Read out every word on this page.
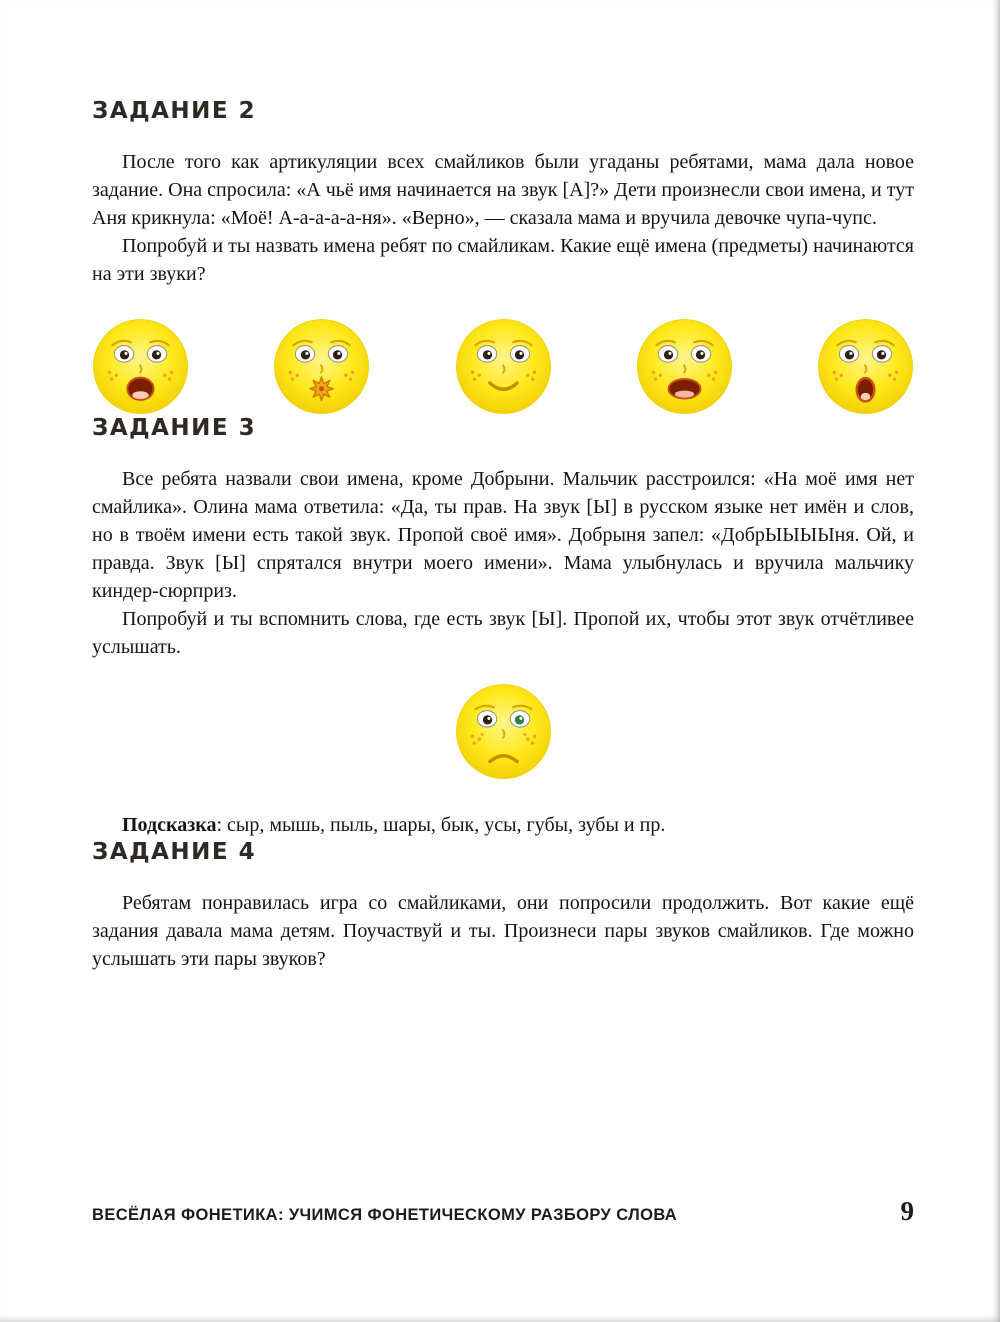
ЗАДАНИЕ 2

После того как артикуляции всех смайликов были угаданы ребятами, мама дала новое задание. Она спросила: «А чьё имя начинается на звук [А]?» Дети произнесли свои имена, и тут Аня крикнула: «Моё! А-а-а-а-а-ня». «Верно», — сказала мама и вручила девочке чупа-чупс.

Попробуй и ты назвать имена ребят по смайликам. Какие ещё имена (предметы) начинаются на эти звуки?

ЗАДАНИЕ 3

Все ребята назвали свои имена, кроме Добрыни. Мальчик расстроился: «На моё имя нет смайлика». Олина мама ответила: «Да, ты прав. На звук [Ы] в русском языке нет имён и слов, но в твоём имени есть такой звук. Пропой своё имя». Добрыня запел: «ДобрЫЫЫЫня. Ой, и правда. Звук [Ы] спрятался внутри моего имени». Мама улыбнулась и вручила мальчику киндер-сюрприз.

Попробуй и ты вспомнить слова, где есть звук [Ы]. Пропой их, чтобы этот звук отчётливее услышать.

Подсказка: сыр, мышь, пыль, шары, бык, усы, губы, зубы и пр.

ЗАДАНИЕ 4

Ребятам понравилась игра со смайликами, они попросили продолжить. Вот какие ещё задания давала мама детям. Поучаствуй и ты. Произнеси пары звуков смайликов. Где можно услышать эти пары звуков?

ВЕСЁЛАЯ ФОНЕТИКА: УЧИМСЯ ФОНЕТИЧЕСКОМУ РАЗБОРУ СЛОВА	9
